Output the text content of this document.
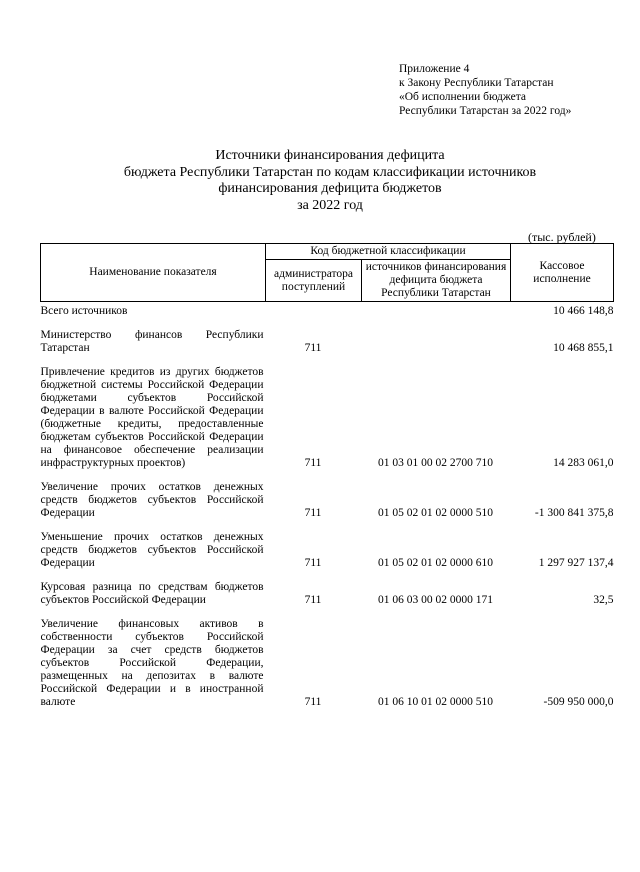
Приложение 4
к Закону Республики Татарстан
«Об исполнении бюджета
Республики Татарстан за 2022 год»
Источники финансирования дефицита
бюджета Республики Татарстан по кодам классификации источников
финансирования дефицита бюджетов
за 2022 год
(тыс. рублей)
Наименование показателя	Код бюджетной классификации		Кассовое исполнение
	администратора поступлений	источников финансирования дефицита бюджета Республики Татарстан	
Всего источников			10 466 148,8
Министерство финансов Республики Татарстан	711		10 468 855,1
Привлечение кредитов из других бюджетов бюджетной системы Российской Федерации бюджетами субъектов Российской Федерации в валюте Российской Федерации (бюджетные кредиты, предоставленные бюджетам субъектов Российской Федерации на финансовое обеспечение реализации инфраструктурных проектов)	711	01 03 01 00 02 2700 710	14 283 061,0
Увеличение прочих остатков денежных средств бюджетов субъектов Российской Федерации	711	01 05 02 01 02 0000 510	-1 300 841 375,8
Уменьшение прочих остатков денежных средств бюджетов субъектов Российской Федерации	711	01 05 02 01 02 0000 610	1 297 927 137,4
Курсовая разница по средствам бюджетов субъектов Российской Федерации	711	01 06 03 00 02 0000 171	32,5
Увеличение финансовых активов в собственности субъектов Российской Федерации за счет средств бюджетов субъектов Российской Федерации, размещенных на депозитах в валюте Российской Федерации и в иностранной валюте	711	01 06 10 01 02 0000 510	-509 950 000,0
